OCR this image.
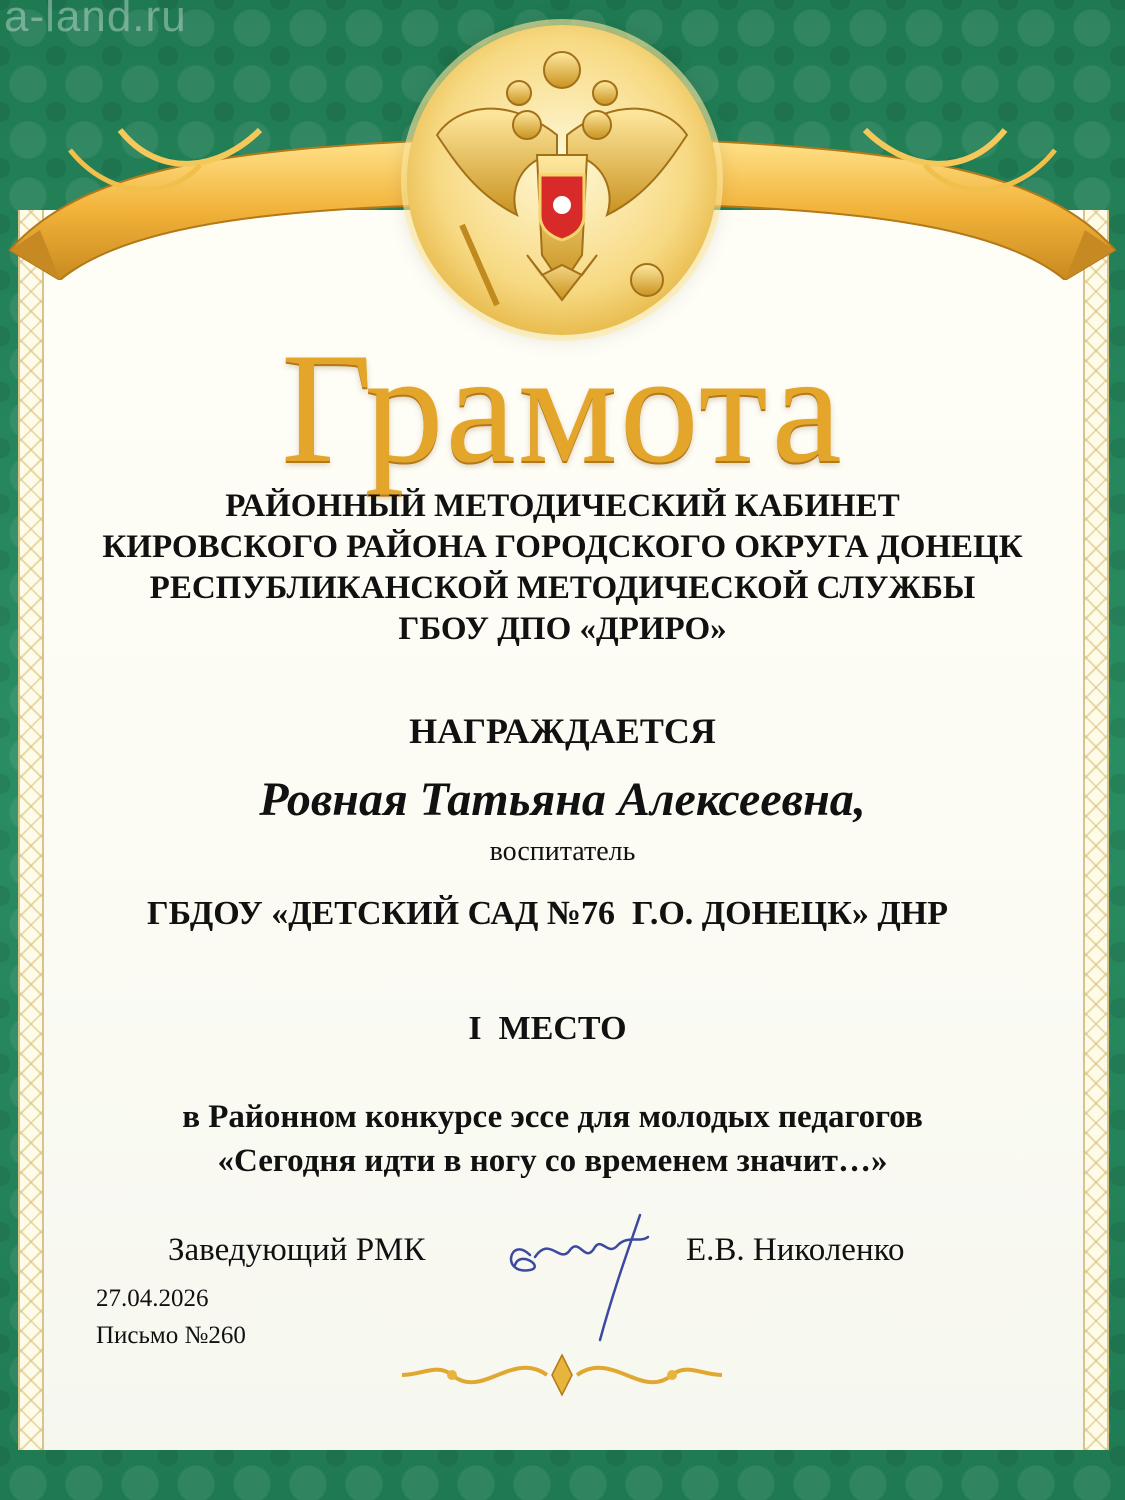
a-land.ru
Грамота
РАЙОННЫЙ МЕТОДИЧЕСКИЙ КАБИНЕТ
КИРОВСКОГО РАЙОНА ГОРОДСКОГО ОКРУГА ДОНЕЦК
РЕСПУБЛИКАНСКОЙ МЕТОДИЧЕСКОЙ СЛУЖБЫ
ГБОУ ДПО «ДРИРО»
НАГРАЖДАЕТСЯ
Ровная Татьяна Алексеевна,
воспитатель
ГБДОУ «ДЕТСКИЙ САД №76  Г.О. ДОНЕЦК» ДНР
I  МЕСТО
в Районном конкурсе эссе для молодых педагогов
«Сегодня идти в ногу со временем значит…»
Заведующий РМК	Е.В. Николенко
27.04.2026
Письмо №260
